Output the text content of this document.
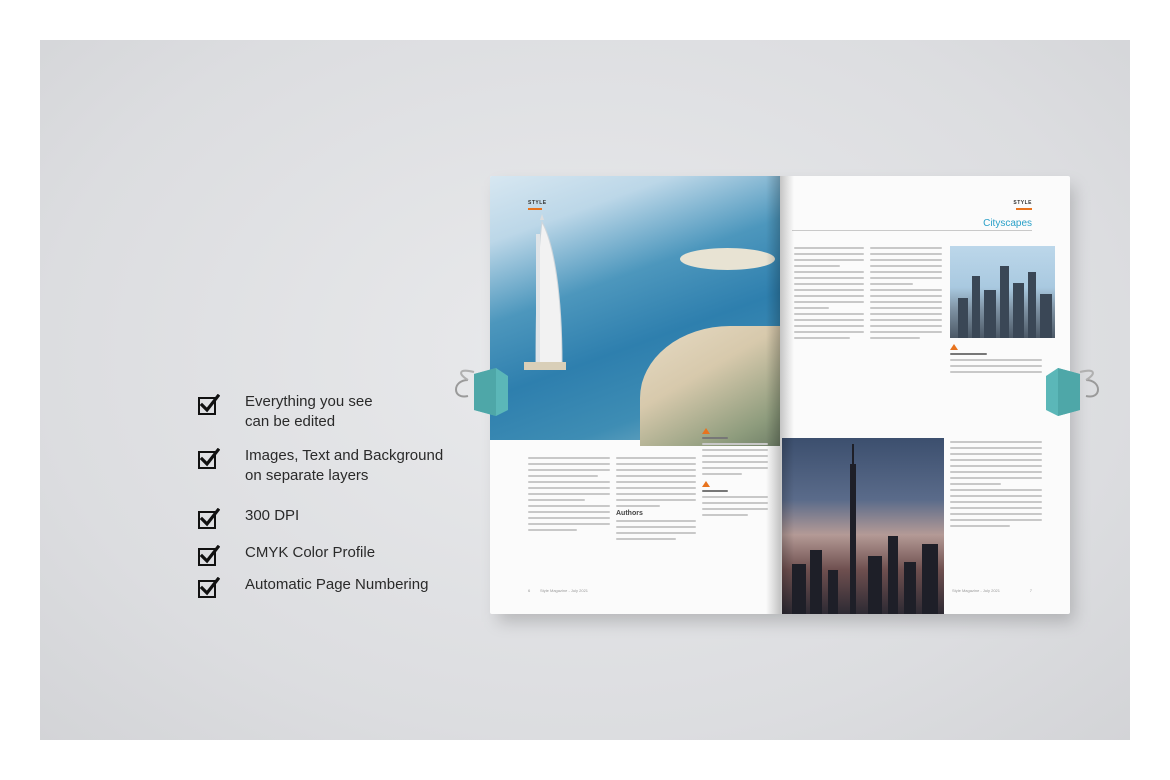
Everything you see
can be edited
Images, Text and Background
on separate layers
300 DPI
CMYK Color Profile
Automatic Page Numbering
STYLE
Authors
6 Style Magazine - July 2021
STYLE
Cityscapes
Style Magazine - July 2021	7
